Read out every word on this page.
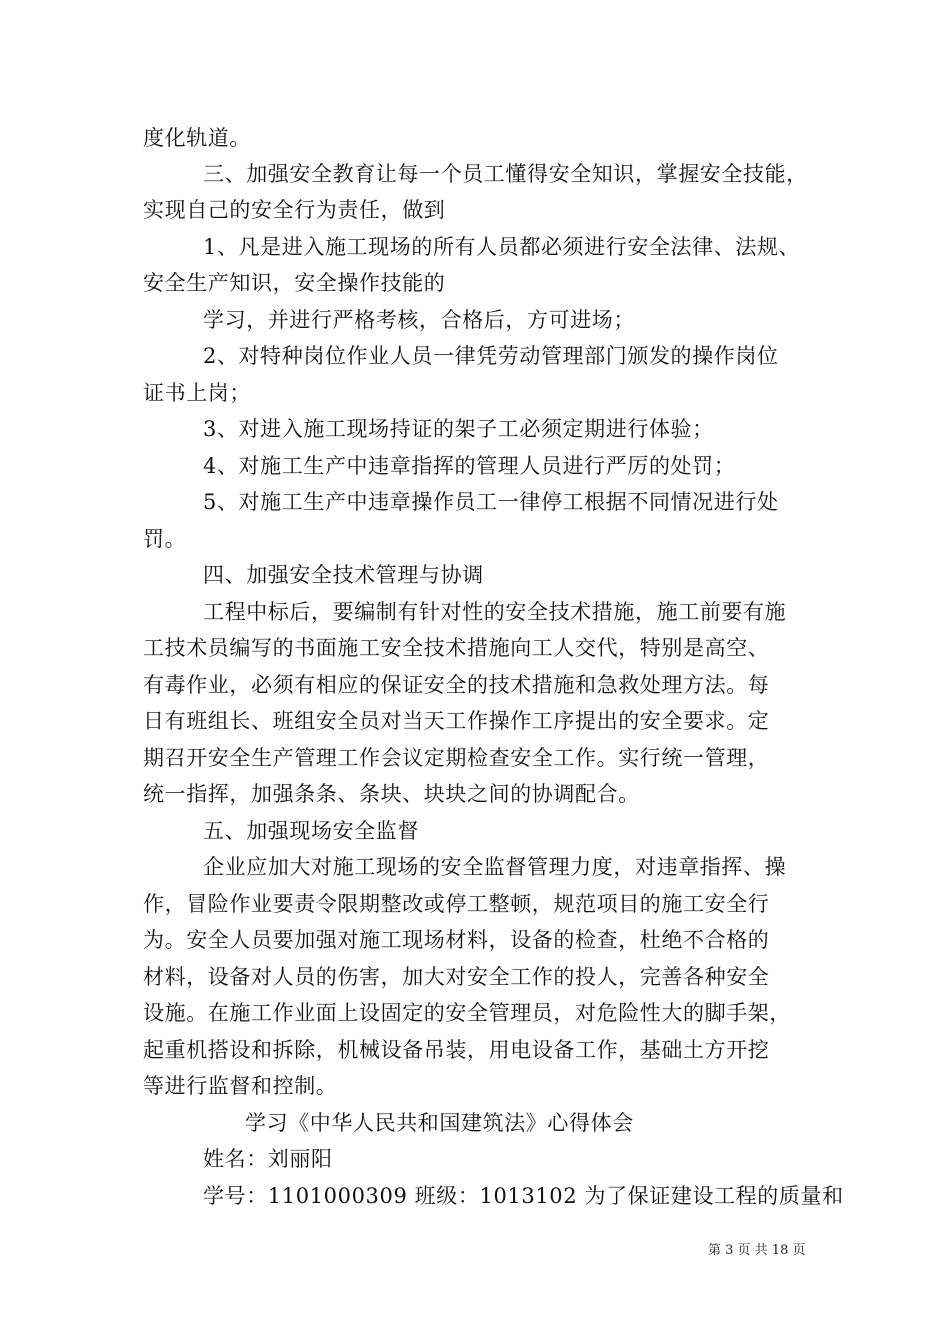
度化轨道。
三、加强安全教育让每一个员工懂得安全知识，掌握安全技能，
实现自己的安全行为责任，做到
1、凡是进入施工现场的所有人员都必须进行安全法律、法规、
安全生产知识，安全操作技能的
学习，并进行严格考核，合格后，方可进场；
2、对特种岗位作业人员一律凭劳动管理部门颁发的操作岗位
证书上岗；
3、对进入施工现场持证的架子工必须定期进行体验；
4、对施工生产中违章指挥的管理人员进行严厉的处罚；
5、对施工生产中违章操作员工一律停工根据不同情况进行处
罚。
四、加强安全技术管理与协调
工程中标后，要编制有针对性的安全技术措施，施工前要有施
工技术员编写的书面施工安全技术措施向工人交代，特别是高空、
有毒作业，必须有相应的保证安全的技术措施和急救处理方法。每
日有班组长、班组安全员对当天工作操作工序提出的安全要求。定
期召开安全生产管理工作会议定期检查安全工作。实行统一管理，
统一指挥，加强条条、条块、块块之间的协调配合。
五、加强现场安全监督
企业应加大对施工现场的安全监督管理力度，对违章指挥、操
作，冒险作业要责令限期整改或停工整顿，规范项目的施工安全行
为。安全人员要加强对施工现场材料，设备的检查，杜绝不合格的
材料，设备对人员的伤害，加大对安全工作的投人，完善各种安全
设施。在施工作业面上设固定的安全管理员，对危险性大的脚手架，
起重机搭设和拆除，机械设备吊装，用电设备工作，基础土方开挖
等进行监督和控制。
学习《中华人民共和国建筑法》心得体会
姓名：刘丽阳
学号：1101000309 班级：1013102 为了保证建设工程的质量和
第 3 页 共 18 页
